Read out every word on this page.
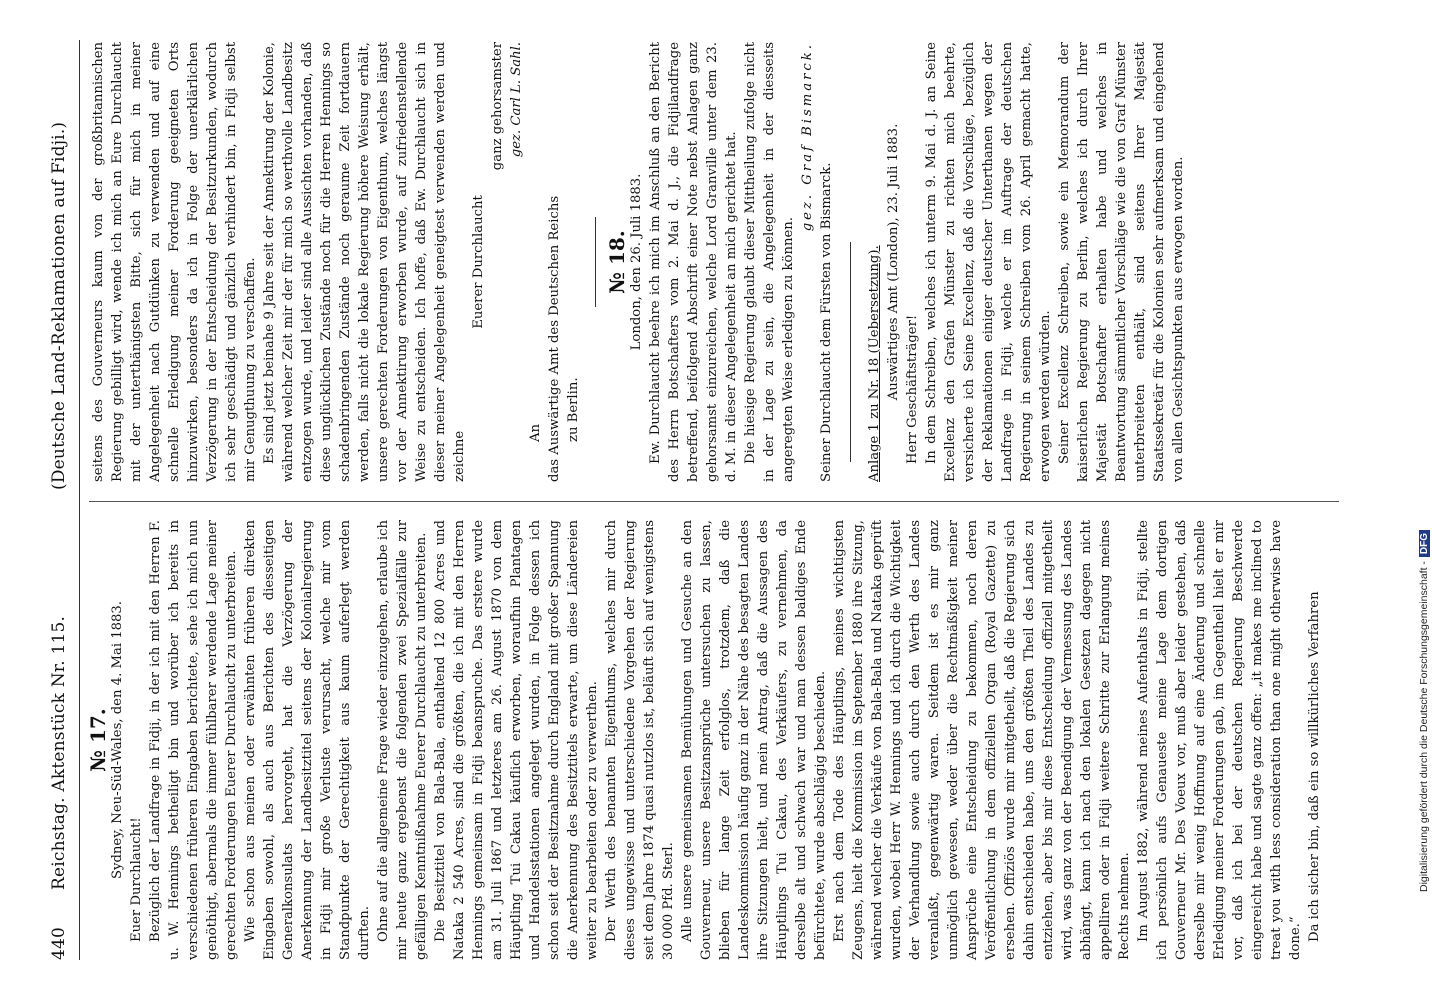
440
Reichstag. Aktenstück Nr. 115.
(Deutsche Land-Reklamationen auf Fidji.)

№ 17. Sydney, Neu-Süd-Wales, den 4. Mai 1883.

Euer Durchlaucht! Bezüglich der Landfrage in Fidji, in der ich mit den Herren F. u. W. Hennings betheiligt bin und worüber ich bereits in verschiedenen früheren Eingaben berichtete, sehe ich mich nun genöthigt, abermals die immer fühlbarer werdende Lage meiner gerechten Forderungen Euerer Durchlaucht zu unterbreiten. Wie schon aus meinen oder erwähnten früheren direkten Eingaben sowohl, als auch aus Berichten des diesseitigen Generalkonsulats hervorgeht, hat die Verzögerung der Anerkennung der Landbesitztitel seitens der Kolonialregierung in Fidji mir große Verluste verursacht, welche mir vom Standpunkte der Gerechtigkeit aus kaum auferlegt werden durften. Ohne auf die allgemeine Frage wieder einzugehen, erlaube ich mir heute ganz ergebenst die folgenden zwei Spezialfälle zur gefälligen Kenntnißnahme Euerer Durchlaucht zu unterbreiten. Die Besitztitel von Bala-Bala, enthaltend 12 800 Acres und Nataka 2 540 Acres, sind die größten, die ich mit den Herren Hennings gemeinsam in Fidji beanspruche. Das erstere wurde am 31. Juli 1867 und letzteres am 26. August 1870 von dem Häuptling Tui Cakau käuflich erworben, woraufhin Plantagen und Handelsstationen angelegt wurden, in Folge dessen ich schon seit der Besitznahme durch England mit großer Spannung die Anerkennung des Besitztitels erwarte, um diese Ländereien weiter zu bearbeiten oder zu verwerthen. Der Werth des benannten Eigenthums, welches mir durch dieses ungewisse und unterschiedene Vorgehen der Regierung seit dem Jahre 1874 quasi nutzlos ist, beläuft sich auf wenigstens 30 000 Pfd. Sterl. Alle unsere gemeinsamen Bemühungen und Gesuche an den Gouverneur, unsere Besitzansprüche untersuchen zu lassen, blieben für lange Zeit erfolglos, trotzdem, daß die Landeskommission häufig ganz in der Nähe des besagten Landes ihre Sitzungen hielt, und mein Antrag, daß die Aussagen des Häuptlings Tui Cakau, des Verkäufers, zu vernehmen, da derselbe alt und schwach war und man dessen baldiges Ende befürchtete, wurde abschlägig beschieden. Erst nach dem Tode des Häuptlings, meines wichtigsten Zeugens, hielt die Kommission im September 1880 ihre Sitzung, während welcher die Verkäufe von Bala-Bala und Nataka geprüft wurden, wobei Herr W. Hennings und ich durch die Wichtigkeit der Verhandlung sowie auch durch den Werth des Landes veranlaßt, gegenwärtig waren. Seitdem ist es mir ganz unmöglich gewesen, weder über die Rechtmäßigkeit meiner Ansprüche eine Entscheidung zu bekommen, noch deren Veröffentlichung in dem offiziellen Organ (Royal Gazette) zu ersehen. Offiziös wurde mir mitgetheilt, daß die Regierung sich dahin entschieden habe, uns den größten Theil des Landes zu entziehen, aber bis mir diese Entscheidung offiziell mitgetheilt wird, was ganz von der Beendigung der Vermessung des Landes abhängt, kann ich nach den lokalen Gesetzen dagegen nicht appelliren oder in Fidji weitere Schritte zur Erlangung meines Rechts nehmen. Im August 1882, während meines Aufenthalts in Fidji, stellte ich persönlich aufs Genaueste meine Lage dem dortigen Gouverneur Mr. Des Voeux vor, muß aber leider gestehen, daß derselbe mir wenig Hoffnung auf eine Änderung und schnelle Erledigung meiner Forderungen gab, im Gegentheil hielt er mir vor, daß ich bei der deutschen Regierung Beschwerde eingereicht habe und sagte ganz offen: „it makes me inclined to treat you with less consideration than one might otherwise have done.“ Da ich sicher bin, daß ein so willkürliches Verfahren

seitens des Gouverneurs kaum von der großbritannischen Regierung gebilligt wird, wende ich mich an Eure Durchlaucht mit der unterthänigsten Bitte, sich für mich in meiner Angelegenheit nach Gutdünken zu verwenden und auf eine schnelle Erledigung meiner Forderung geeigneten Orts hinzuwirken, besonders da ich in Folge der unerklärlichen Verzögerung in der Entscheidung der Besitzurkunden, wodurch ich sehr geschädigt und gänzlich verhindert bin, in Fidji selbst mir Genugthuung zu verschaffen. Es sind jetzt beinahe 9 Jahre seit der Annektirung der Kolonie, während welcher Zeit mir der für mich so werthvolle Landbesitz entzogen wurde, und leider sind alle Aussichten vorhanden, daß diese unglücklichen Zustände noch für die Herren Hennings so schadenbringenden Zustände noch geraume Zeit fortdauern werden, falls nicht die lokale Regierung höhere Weisung erhält, unsere gerechten Forderungen von Eigenthum, welches längst vor der Annektirung erworben wurde, auf zufriedenstellende Weise zu entscheiden. Ich hoffe, daß Ew. Durchlaucht sich in dieser meiner Angelegenheit geneigtest verwenden werden und zeichne

Euerer Durchlaucht

ganz gehorsamster gez. Carl L. Sahl.

An das Auswärtige Amt des Deutschen Reichs zu Berlin.

№ 18. London, den 26. Juli 1883. Ew. Durchlaucht beehre ich mich im Anschluß an den Bericht des Herrn Botschafters vom 2. Mai d. J., die Fidjilandfrage betreffend, beifolgend Abschrift einer Note nebst Anlagen ganz gehorsamst einzureichen, welche Lord Granville unter dem 23. d. M. in dieser Angelegenheit an mich gerichtet hat. Die hiesige Regierung glaubt dieser Mittheilung zufolge nicht in der Lage zu sein, die Angelegenheit in der diesseits angeregten Weise erledigen zu können.

gez. Graf Bismarck.

Seiner Durchlaucht dem Fürsten von Bismarck.	Anlage 1 zu Nr. 18 (Uebersetzung). Auswärtiges Amt (London), 23. Juli 1883. Herr Geschäftsträger! In dem Schreiben, welches ich unterm 9. Mai d. J. an Seine Excellenz den Grafen Münster zu richten mich beehrte, versicherte ich Seine Excellenz, daß die Vorschläge, bezüglich der Reklamationen einiger deutscher Unterthanen wegen der Landfrage in Fidji, welche er im Auftrage der deutschen Regierung in seinem Schreiben vom 26. April gemacht hatte, erwogen werden würden. Seiner Excellenz Schreiben, sowie ein Memorandum der kaiserlichen Regierung zu Berlin, welches ich durch Ihrer Majestät Botschafter erhalten habe und welches in Beantwortung sämmtlicher Vorschläge wie die von Graf Münster unterbreiteten enthält, sind seitens Ihrer Majestät Staatssekretär für die Kolonien sehr aufmerksam und eingehend von allen Gesichtspunkten aus erwogen worden.

Digitalisierung gefördert durch die Deutsche Forschungsgemeinschaft -DFG
